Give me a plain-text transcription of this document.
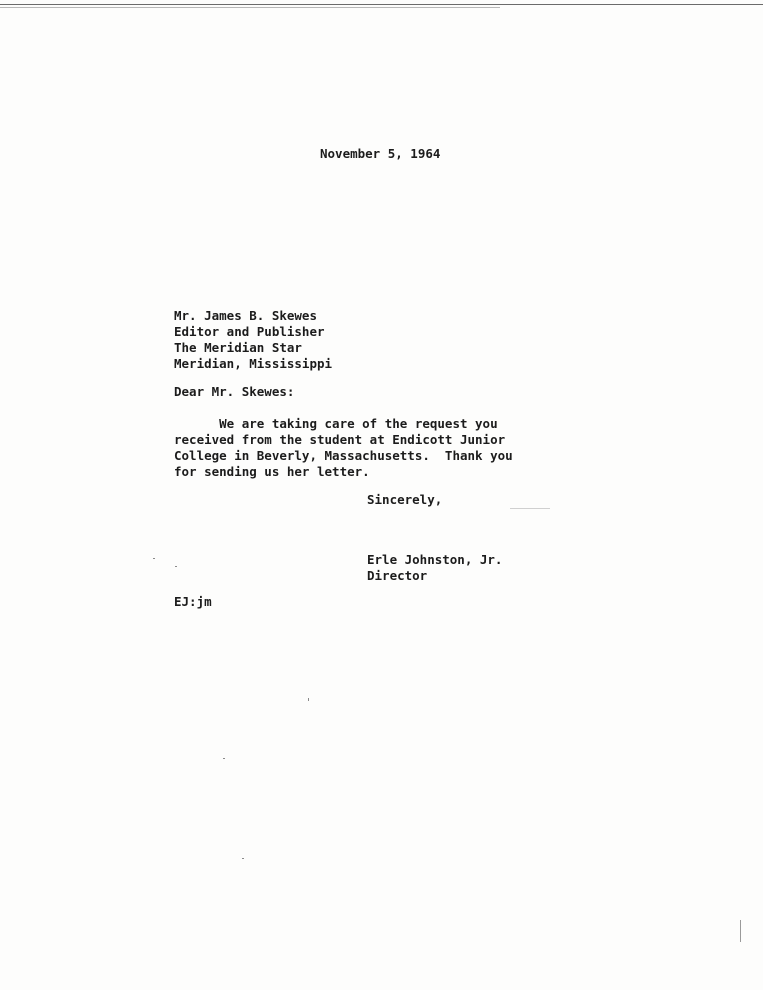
November 5, 1964
Mr. James B. Skewes
Editor and Publisher
The Meridian Star
Meridian, Mississippi
Dear Mr. Skewes:
We are taking care of the request you
received from the student at Endicott Junior
College in Beverly, Massachusetts.  Thank you
for sending us her letter.
Sincerely,
Erle Johnston, Jr.
Director
EJ:jm
